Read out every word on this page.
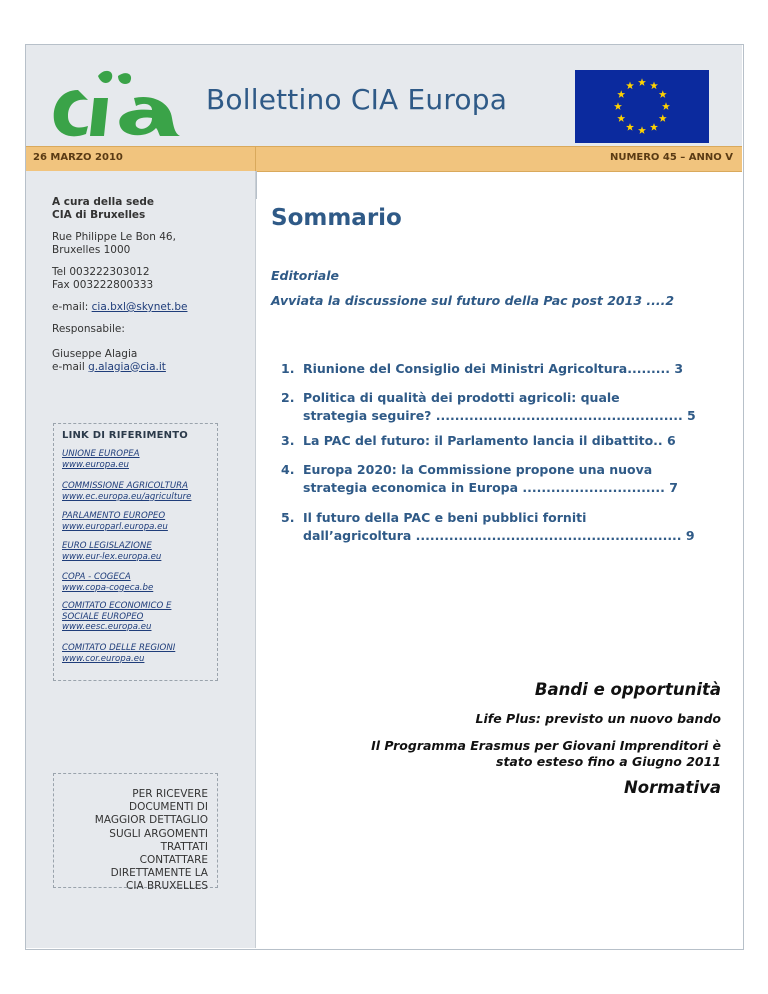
Bollettino CIA Europa
26 MARZO 2010	NUMERO 45 – ANNO V
A cura della sede
CIA di Bruxelles
Rue Philippe Le Bon 46,
Bruxelles 1000
Tel 003222303012
Fax 003222800333
e-mail: cia.bxl@skynet.be
Responsabile:
Giuseppe Alagia
e-mail g.alagia@cia.it
LINK DI RIFERIMENTO
UNIONE EUROPEA
www.europa.eu
COMMISSIONE AGRICOLTURA
www.ec.europa.eu/agriculture
PARLAMENTO EUROPEO
www.europarl.europa.eu
EURO LEGISLAZIONE
www.eur-lex.europa.eu
COPA - COGECA
www.copa-cogeca.be
COMITATO ECONOMICO E
SOCIALE EUROPEO
www.eesc.europa.eu
COMITATO DELLE REGIONI
www.cor.europa.eu
PER RICEVERE
DOCUMENTI DI
MAGGIOR DETTAGLIO
SUGLI ARGOMENTI
TRATTATI
CONTATTARE
DIRETTAMENTE LA
CIA BRUXELLES
Sommario
Editoriale
Avviata la discussione sul futuro della Pac post 2013 ....2
1. Riunione del Consiglio dei Ministri Agricoltura......... 3
2. Politica di qualità dei prodotti agricoli: quale
strategia seguire? .................................................... 5
3. La PAC del futuro: il Parlamento lancia il dibattito.. 6
4. Europa 2020: la Commissione propone una nuova
strategia economica in Europa .............................. 7
5. Il futuro della PAC e beni pubblici forniti
dall’agricoltura ........................................................ 9
Bandi e opportunità
Life Plus: previsto un nuovo bando
Il Programma Erasmus per Giovani Imprenditori è
stato esteso fino a Giugno 2011
Normativa
